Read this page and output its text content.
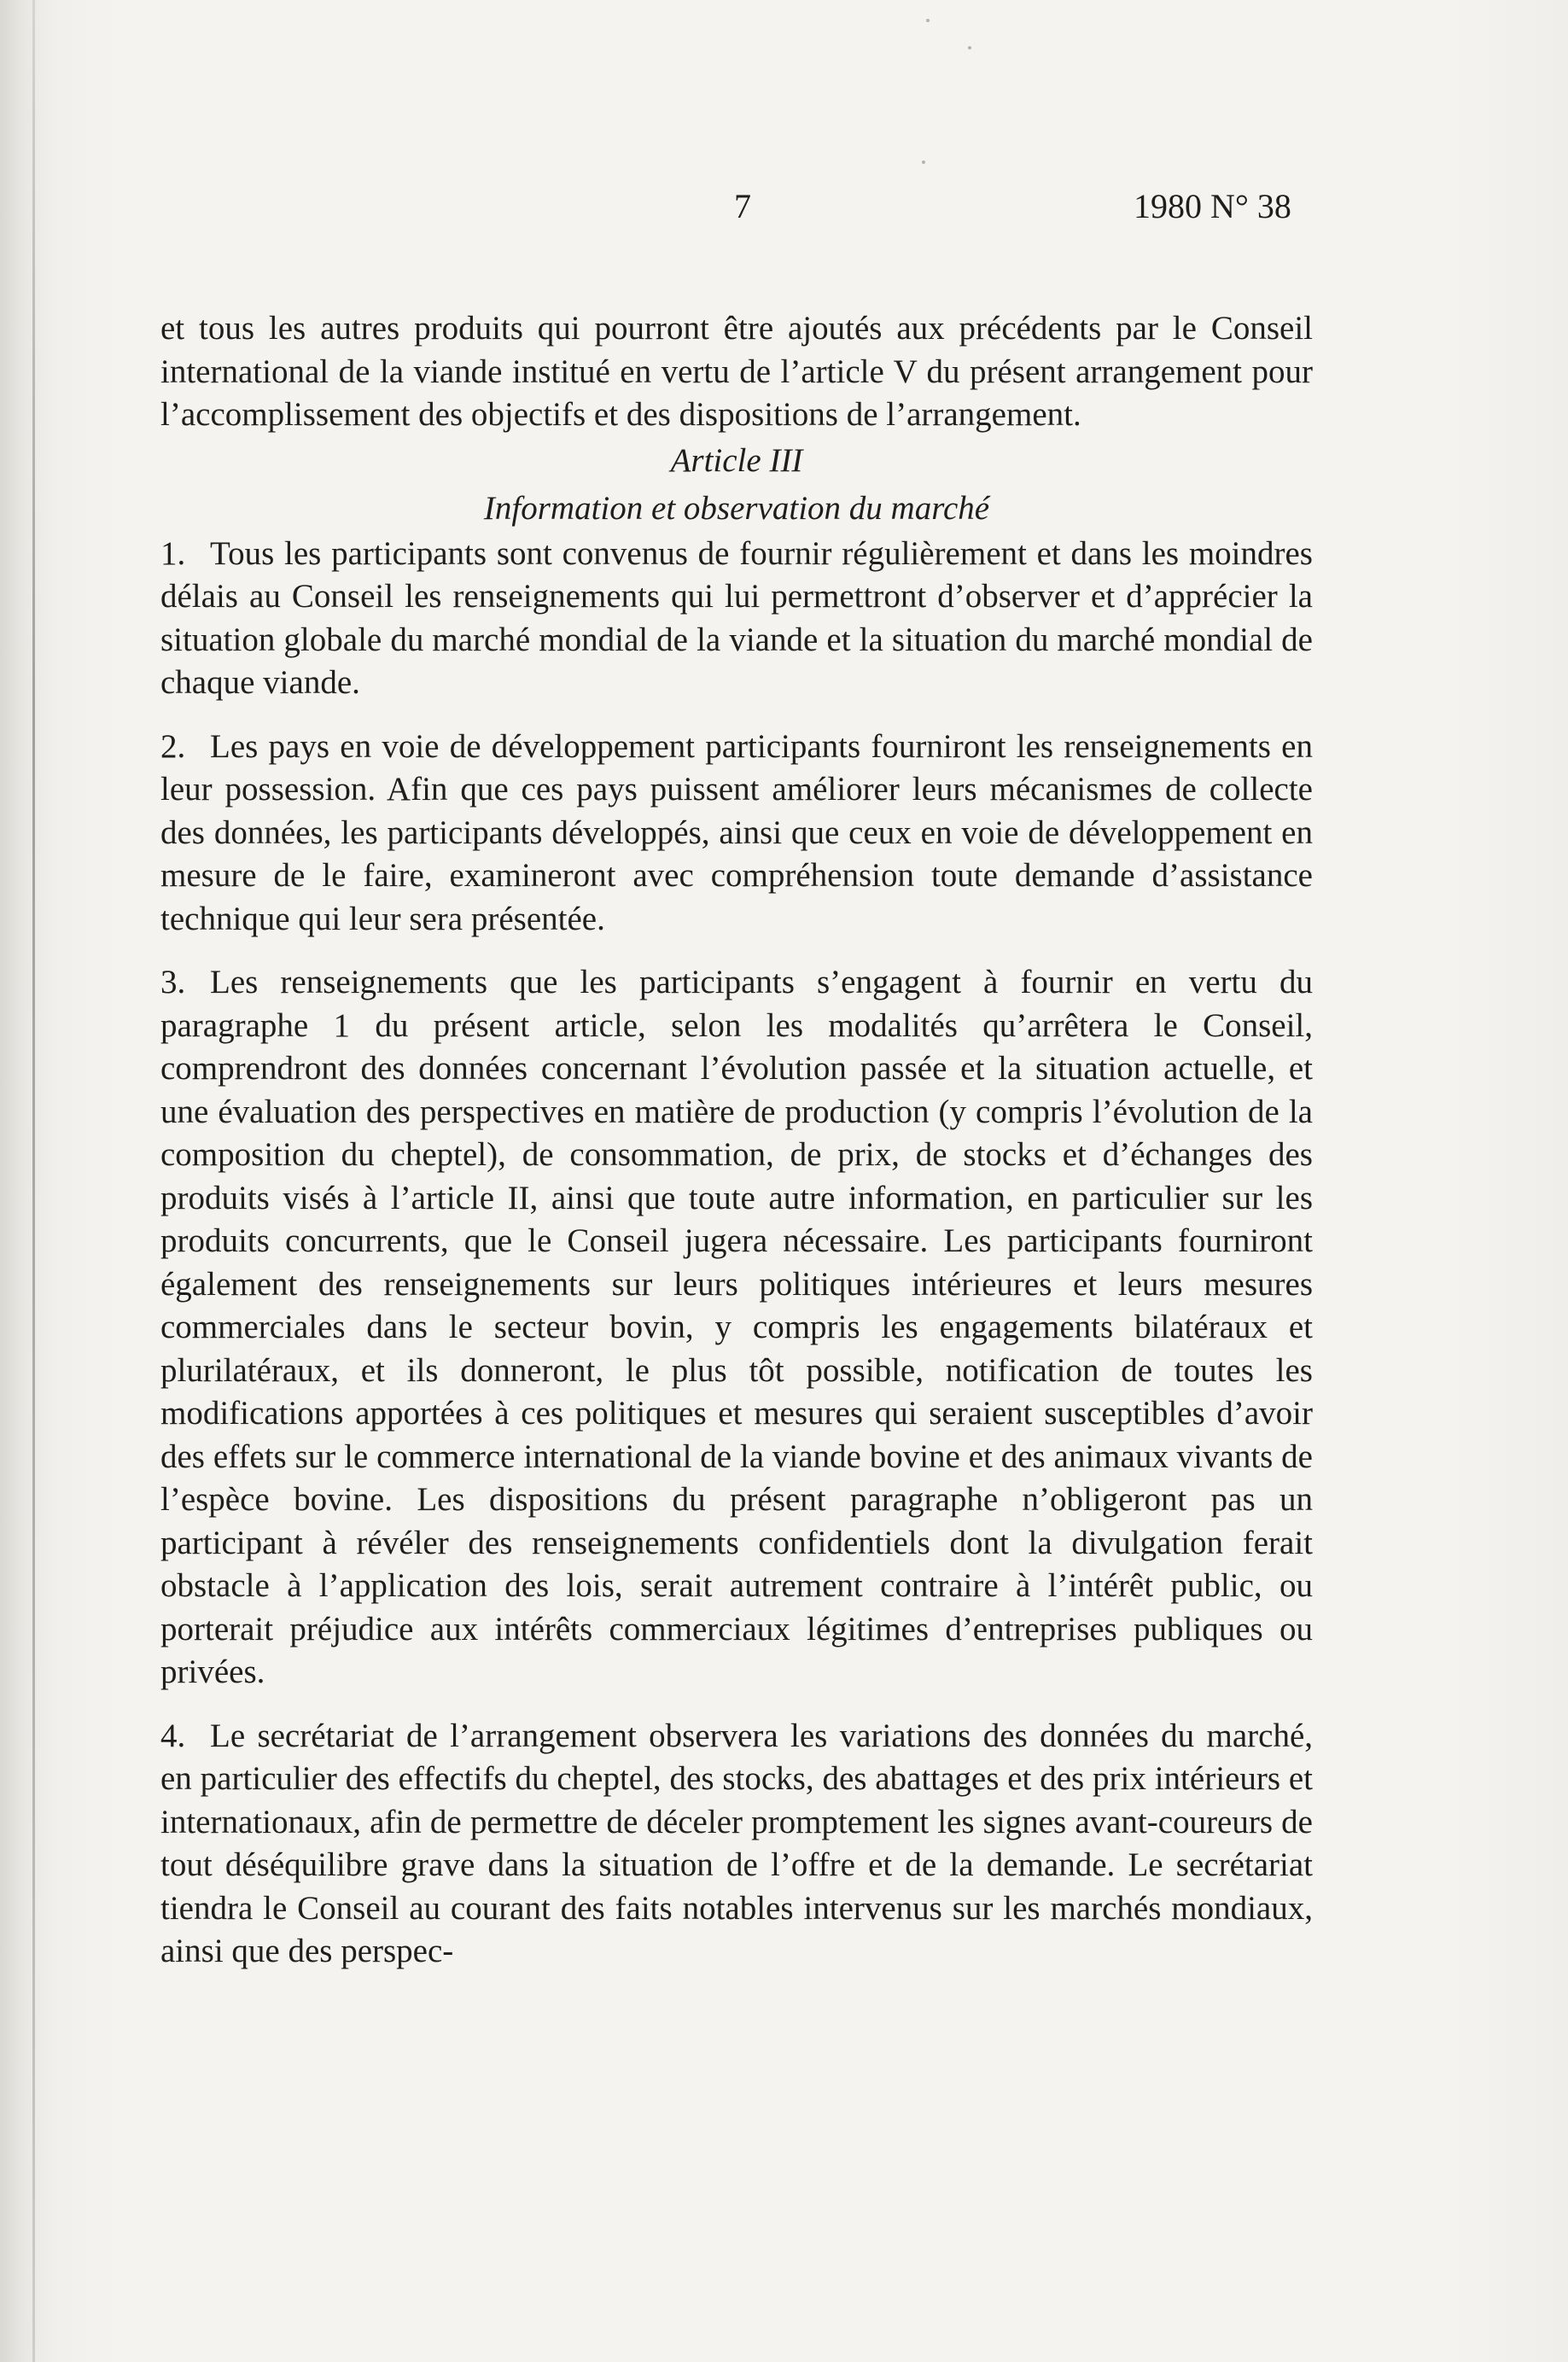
7	1980 N° 38

et tous les autres produits qui pourront être ajoutés aux précédents par le Conseil international de la viande institué en vertu de l’article V du présent arrangement pour l’accomplissement des objectifs et des dispositions de l’arrangement.

Article III

Information et observation du marché

1. Tous les participants sont convenus de fournir régulièrement et dans les moindres délais au Conseil les renseignements qui lui permettront d’observer et d’apprécier la situation globale du marché mondial de la viande et la situation du marché mondial de chaque viande.

2. Les pays en voie de développement participants fourniront les renseignements en leur possession. Afin que ces pays puissent améliorer leurs mécanismes de collecte des données, les participants développés, ainsi que ceux en voie de développement en mesure de le faire, examineront avec compréhension toute demande d’assistance technique qui leur sera présentée.

3. Les renseignements que les participants s’engagent à fournir en vertu du paragraphe 1 du présent article, selon les modalités qu’arrêtera le Conseil, comprendront des données concernant l’évolution passée et la situation actuelle, et une évaluation des perspectives en matière de production (y compris l’évolution de la composition du cheptel), de consommation, de prix, de stocks et d’échanges des produits visés à l’article II, ainsi que toute autre information, en particulier sur les produits concurrents, que le Conseil jugera nécessaire. Les participants fourniront également des renseignements sur leurs politiques intérieures et leurs mesures commerciales dans le secteur bovin, y compris les engagements bilatéraux et plurilatéraux, et ils donneront, le plus tôt possible, notification de toutes les modifications apportées à ces politiques et mesures qui seraient susceptibles d’avoir des effets sur le commerce international de la viande bovine et des animaux vivants de l’espèce bovine. Les dispositions du présent paragraphe n’obligeront pas un participant à révéler des renseignements confidentiels dont la divulgation ferait obstacle à l’application des lois, serait autrement contraire à l’intérêt public, ou porterait préjudice aux intérêts commerciaux légitimes d’entreprises publiques ou privées.

4. Le secrétariat de l’arrangement observera les variations des données du marché, en particulier des effectifs du cheptel, des stocks, des abattages et des prix intérieurs et internationaux, afin de permettre de déceler promptement les signes avant-coureurs de tout déséquilibre grave dans la situation de l’offre et de la demande. Le secrétariat tiendra le Conseil au courant des faits notables intervenus sur les marchés mondiaux, ainsi que des perspec-
